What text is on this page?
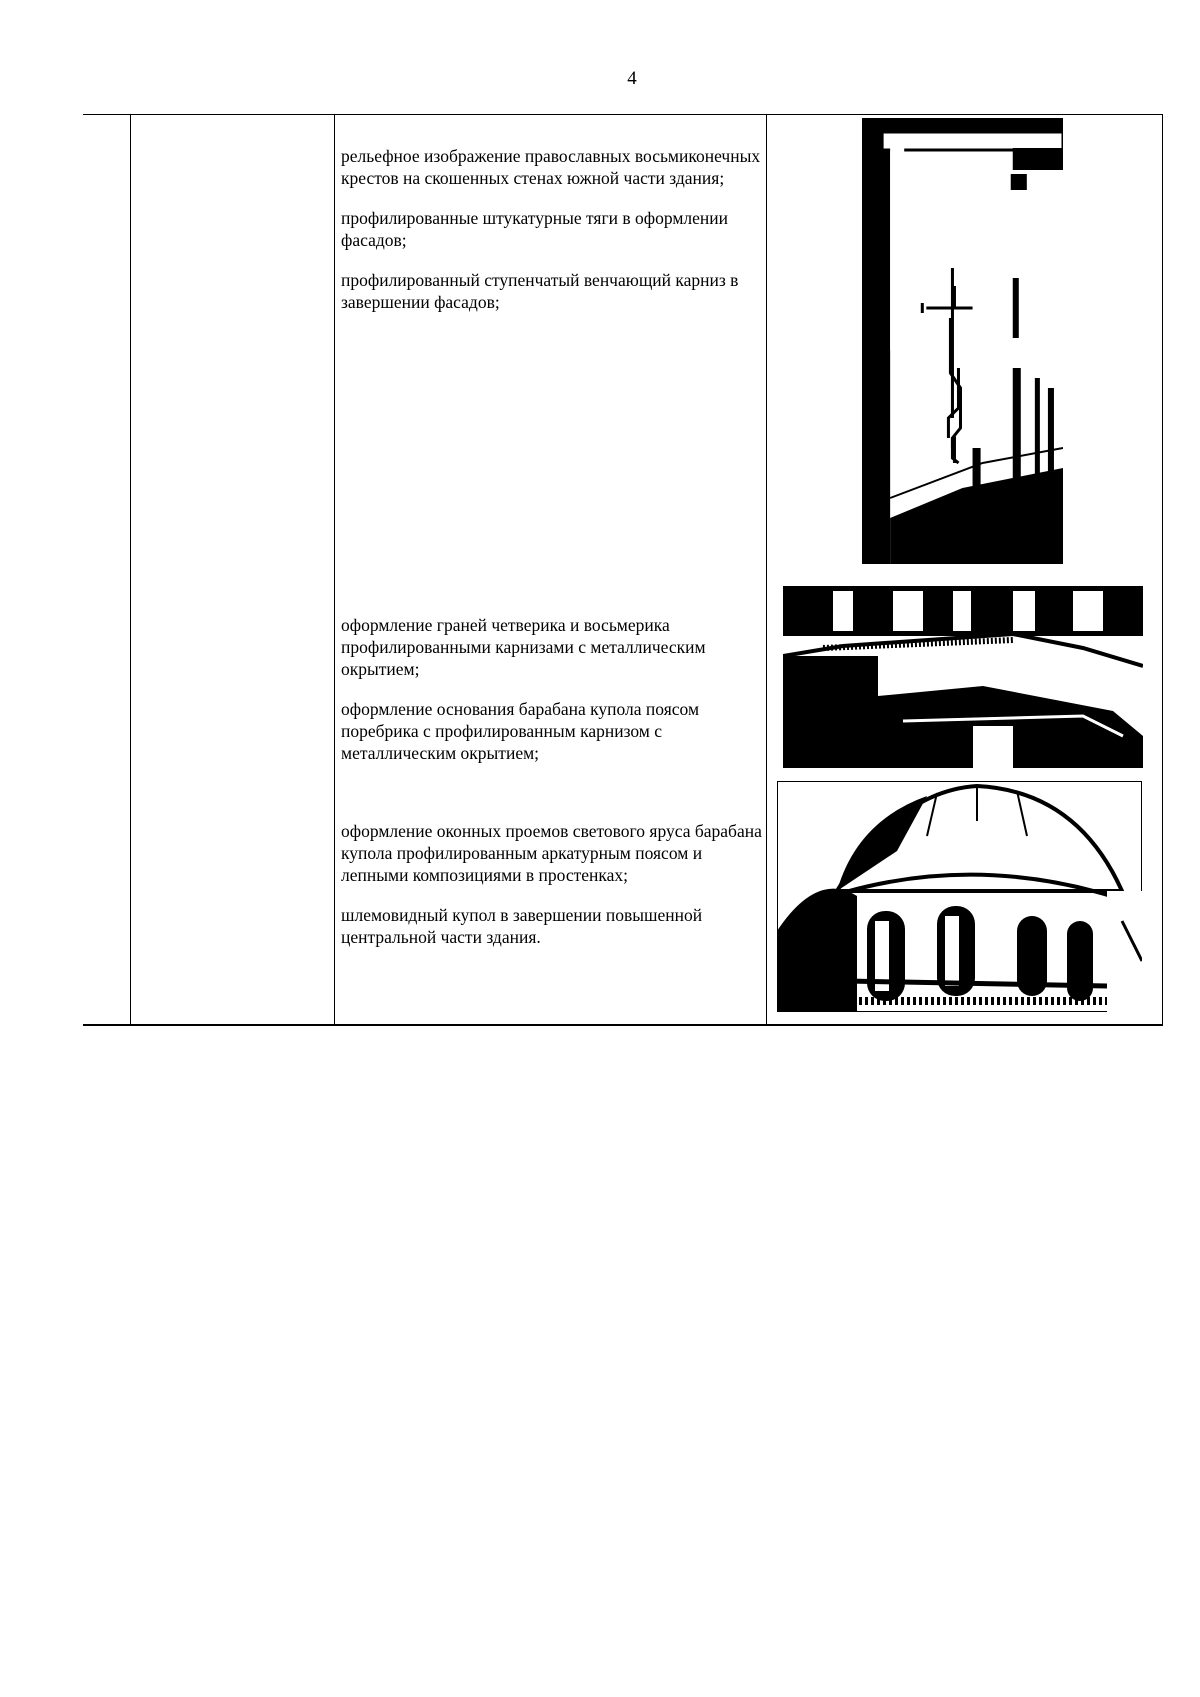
4

рельефное изображение православных восьмиконечных крестов на скошенных стенах южной части здания;

профилированные штукатурные тяги в оформлении фасадов;

профилированный ступенчатый венчающий карниз в завершении фасадов;

оформление граней четверика и восьмерика профилированными карнизами с металлическим окрытием;

оформление основания барабана купола поясом поребрика с профилированным карнизом с металлическим окрытием;

оформление оконных проемов светового яруса барабана купола профилированным аркатурным поясом и лепными композициями в простенках;

шлемовидный купол в завершении повышенной центральной части здания.
